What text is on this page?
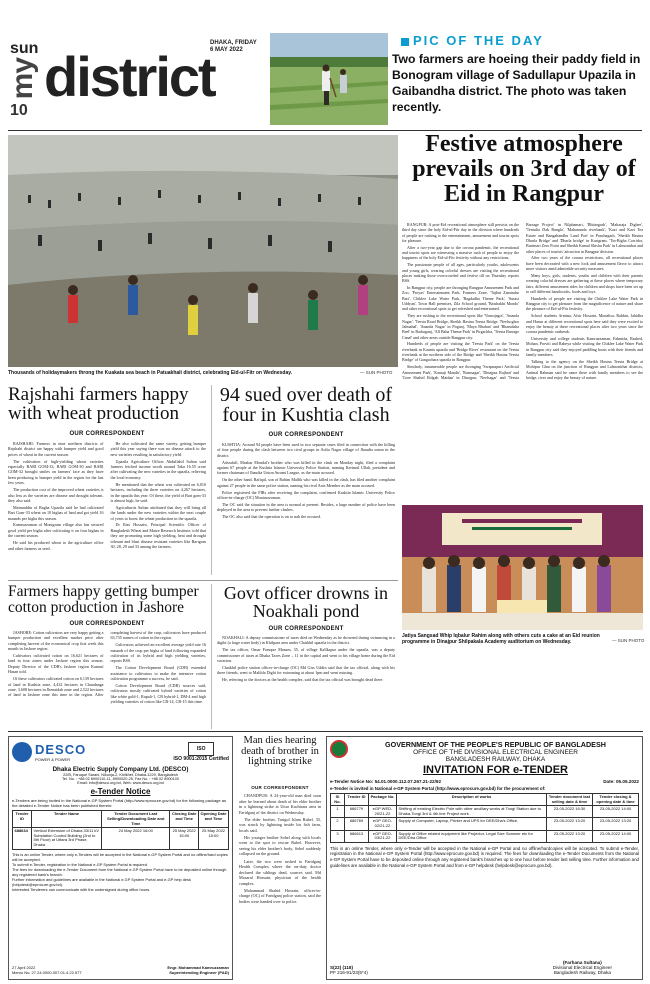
sun
my district
10
DHAKA, FRIDAY
6 MAY 2022
PIC OF THE DAY
Two farmers are hoeing their paddy field in Bonogram village of Sadullapur Upazila in Gaibandha district. The photo was taken recently.
Thousands of holidaymakers throng the Kuakata sea beach in Patuakhali district, celebrating Eid-ul-Fitr on Wednesday.	— SUN PHOTO
Festive atmosphere prevails on 3rd day of Eid in Rangpur

RANGPUR: A post-Eid recreational atmosphere still persists on the third day since the holy Eid-ul-Fitr day in the division where hundreds of people are rushing to the entertainment, amusement and tourist spots for pleasure.

After a two-year gap due to the corona pandemic, the recreational and tourist spots are witnessing a massive rush of people to enjoy the happiness of the holy Eid-ul-Fitr festivity without any restrictions.

The passionate people of all ages, particularly youths, adolescents and young girls, wearing colorful dresses are visiting the recreational places making those overcrowded and festive till on Thursday reports BSS.

In Rangpur city, people are thronging Rangpur Amusement Park and Zoo, 'Proyas' Entertainment Park, Farmers Zone, 'Tajhat Zamindar Bari', Chiklee Lake Water Park, 'Bagdadha Theme Park', 'Surasi Uddyan', Town Hall premises, Zila School ground, 'Baishakhi Mondo' and other recreational spots to get refreshed and entertained.

They are rushing to the recreational spots like 'Vinnojagot', 'Ananda Nagar', 'Teesta Road Bridge, Sheikh Hasina Teesta Bridge, 'Neelsoghor Jalmahal', 'Ananda Nagar' in Pirganj, 'Maya Bhaban' and 'Bharudaha Beel' in Badarganj, 'All Baba Theme Park' in Pirgachha, 'Teesta Barrage Canal' and other areas outside Rangpur city.

Hundreds of people are visiting the 'Teesta Park' on the Teesta riverbank in Kaunia upazila and 'Bridge River' restaurant on the Teesta riverbank at the northern side of the Bridge and 'Sheikh Hasina Teesta Bridge' of Gangachara upazila in Rangpur.

Similarly, innumerable people are thronging 'Swapnapuri Artificial Amusement Park', 'Kantaji Mandir', 'Ramsagar', 'Dinajpur Rajbari' and 'Gore Shahid Eidgah Maidan' in Dinajpur, 'Neelsagar' and 'Teesta Barrage Project' in Nilphamari, 'Bhitargarh', 'Maharaja Dighee', 'Tentulia Dak Bangla', 'Mahananda riverbank', 'Kazi and Kazi Tea Estate and Bangabandhu Land Port' in Panchagarh, 'Sheikh Hasina Dharla Bridge' and 'Dharla bridge' in Kurigram, 'Tin-Bigha Corridor, Burimari Zero Point and Sheikh Kamal Shishu Park' in Lalmonirhat and other places of tourists' attraction in Rangpur division.

After two years of the corona restrictions, all recreational places have been decorated with a new look and amusement flavor to attract more visitors amid admirable security measures.

Many boys, girls, students, youths and children with their parents wearing colorful dresses are gathering at these places where temporary fairs, different amusement rides for children and shops have been set up to sell different handicrafts, foods and toys.

Hundreds of people are visiting the Chiklee Lake Water Park in Rangpur city to get pleasure from the magnificence of nature and share the pleasure of Eid-ul-Fitr festivity.

School students Armina, Afsir Hossain, Monalisa, Rabbin, Jahidha and Harun at different recreational spots here said they were excited to enjoy the beauty at these recreational places after two years since the corona pandemic outbreak.

University and college students Kamruzzaman, Fahmida, Rashed, Mohan, Proviti and Rabeya while visiting the Chiklee Lake Water Park in Rangpur city said they enjoyed paddling boats with their friends and family members.

Talking to the agency on the Sheikh Hasina Teesta Bridge at Mohipur Ghat on the junction of Rangpur and Lalmonirhat districts, Animal Rahman said he came there with family members to see the bridge, river and enjoy the beauty of nature.

Jatiya Sangsad Whip Iqbalur Rahim along with others cuts a cake at an Eid reunion programme in Dinajpur Shilpakala Academy auditorium on Wednesday.	— SUN PHOTO
Rajshahi farmers happy with wheat production
OUR CORRESPONDENT

RAJSHAHI: Farmers in nine northern districts of Rajshahi district are happy with bumper yield and good prices of wheat in the current season.

The cultivation of high-yielding wheat varieties especially BARI GOM-33, BARI GOM-30 and BARI GOM-32 brought smiles on farmers' face as they have been producing to bumper yield in the region for the last few years.

The production cost of the improved wheat varieties is also less as the varieties are disease and drought tolerant, they also said.

Maimuddin of Bagha Upazila said he had cultivated Bari Gom-33 wheat on 10 bighas of land and got yield 16 maunds per bigha this season.

Kamruzzaman of Monigram village also has secured good yield per bigha after cultivating it on four bighas in the current season.

He said his produced wheat to the agriculture office and other farmers as seed.

He also cultivated the same variety, getting bumper yield this year saying there was no disease attack to the new varieties resulting in satisfactory yield.

Upazila Agriculture Officer Abdullahil Sultan said farmers fetched income worth around Taka 16.55 crore after cultivating the new varieties in the upazila, relieving the local economy.

He mentioned that the wheat was cultivated on 6,016 hectares, including the three varieties on 4,267 hectares, in the upazila this year. Of these, the yield of Bari gom-33 is almost high, he said.

Agriculturist Sultan attributed that they will bring all the lands under the new varieties within the next couple of years to boost the wheat production in the upazila.

Dr Ilias Hossain, Principal Scientific Officer of Bangladesh Wheat and Maize Research Institute, told that they are promoting some high yielding, heat and drought tolerant and blast disease resistant varieties like Barigom 30, 28, 29 and 33 among the farmers.

94 sued over death of four in Kushtia clash
OUR CORRESPONDENT

KUSHTIA: Around 94 people have been sued in two separate cases filed in connection with the killing of four people during the clash between two rival groups in Aulia Nagar village of Jhaudia union in the district.

Ashrafull, Mazhar Mondal's brother who was killed in the clash on Monday night, filed a complaint against 67 people at the Kushtia Islamic University Police Station, naming Kerimul Ullah, president and former chairman of Jhaudia Union Awami League, as the main accused.

On the other hand, Rafiqul, son of Rahim Mallik who was killed in the clash, has filed another complaint against 27 people in the same police station, naming his rival Anis Member as the main accused.

Police registered the FIRs after receiving the complaint, confirmed Kushtia Islamic University Police officer-in-charge (OC) Moniruzzaman.

The OC said the situation in the area is normal at present. Besides, a large number of police have been deployed in the area to prevent further clashes.

The OC also said that the operation is on to nab the accused.

Farmers happy getting bumper cotton production in Jashore
OUR CORRESPONDENT

JASHORE: Cotton cultivators are very happy getting a bumper production and excellent market price after completing harvest of the economical crop first week this month in Jashore region.

Cultivators cultivated cotton on 16,621 hectares of land in four zones under Jashore region this season, Deputy Director of the CDB's Jashore region Kamrul Hasan told.

Of these cultivators cultivated cotton on 6,139 hectares of land in Kushtia zone, 4,432 hectares in Chuadanga zone, 3,608 hectares in Jhenaidah zone and 2,522 hectares of land in Jashore zone this time in the region. After completing harvest of the crop, cultivators have produced 63,735 tonnes of cotton in the region.

Cultivators achieved an excellent average yield rate 16 maunds of the crop per bigha of land following expanded cultivation of its hybrid and high yielding varieties, reports BSS.

The Cotton Development Board (CDB) extended assistance to cultivators to make the intensive cotton cultivation programme a success, he said.

Cotton Development Board (CDB) sources said, cultivators mostly cultivated hybrid varieties of cotton like white gold-1, Rupali-1, CB hybrid-1, DM-4 and high yielding varieties of cotton like CB-14, CB-15 this time.

Govt officer drowns in Noakhali pond
OUR CORRESPONDENT

NOAKHALI: A deputy commissioner of taxes died on Wednesday as he drowned during swimming in a digihi (a large water body) in Khilpara area under Chatkhil upazila in the district.

The tax officer, Omar Faruque Masum, 35, of village Kallkapur under the upazila, was a deputy commissioner of taxes at Dhaka Taxes Zone – 11 in the capital and went to his village home during the Eid vacation.

Chatkhil police station officer-in-charge (OC) Md Giss Uddin said that the tax official, along with his three friends, went to Malihla Dighi for swimming at about 1pm and went missing.

He, referring to the doctors at the health complex, said that the tax official was brought dead there.

DESCO
POWER & POWER
ISO
ISO 9001:2015 Certified
Dhaka Electric Supply Company Ltd. (DESCO)
22/B, Faruque Sarani, Nikunja-2, Khilkhet, Dhaka-1229, Bangladesh
Tel. No. : +88 02 8900110-11, 8900020-25, Fax No. : +88 02 8900100
Email: info@desco.org.bd, Web: www.desco.org.bd
e-Tender Notice
e-Tenders are being invited in the National e-GP System Portal (http://www.eprocure.gov.bd) for the following package as the detailed e-Tender Notice has been published therein:
Tender ID	Tender Name	Tender Document Last Selling/Downloading Date and Time	Closing Date and Time	Opening Date and Time
688634	Vertical Extension of Dhaka 33/11 kV Substation Control Building (2nd to 5th Floor) at Uttara 3rd Phase, Dhaka	24 May 2022 16:00	25 May 2022 15:00	25 May 2022 15:00
This is an online Tender, where only e-Tenders will be accepted in the National e-GP System Portal and no offline/hard copies will be accepted.
To submit e-Tender, registration in the National e-GP System Portal is required.
The fees for downloading the e-Tender Document from the National e-GP System Portal have to be deposited online through any registered bank's branch.
Further information and guidelines are available in the National e-GP System Portal and e-GP help desk (helpdesk@eprocure.gov.bd).
Interested Tenderers can communicate with the undersigned during office hours.
27 April 2022
Memo No: 27.24.0000.007.01.4.22.577
Engr. Mohammad Kamruzzaman
Superintending Engineer (P&D)
Man dies hearing death of brother in lightning strike
OUR CORRESPONDENT

CHANDPUR: A 24-year-old man died soon after he learned about death of his elder brother in a lightning strike at Uttar Kachtrara area in Faridganj of the district on Wednesday.

The elder brother, Tarigul Islam Rubel, 35, was struck by lightning inside his fish farm, locals said.

His younger brother Sohel along with locals went to the spot to rescue Rubel. However, seeing his elder brother's body, Sohel suddenly collapsed on the ground.

Later, the two were rushed to Faridganj Health Complex where the on-duty doctor declared the siblings dead, sources said. Md Mosaraf Hossain, physician of the health complex.

Mohammad Shahid Hossain, officer-in-charge (OC) of Faridganj police station, said the bodies were handed over to police.

GOVERNMENT OF THE PEOPLE'S REPUBLIC OF BANGLADESH
OFFICE OF THE DIVISIONAL ELECTRICAL ENGINEER
BANGLADESH RAILWAY, DHAKA
INVITATION FOR e-TENDER
e-Tender Notice No: 54.01.0000.112.07.267.21-22/92	Date: 05.05.2022
e-Tender is invited in National e-GP System Portal (http://www.eprocure.gov.bd) for the procurement of:
Sl No.	Tender ID	Package No.	Description of works	Tender document last selling date & time	Tender closing & opening date & time
1	686779	eGP WED-20/21-22	Shifting of existing Electric Pole with other ancillary works at Tongi Station due to Dhaka-Tongi 3rd & 4th line Project work.	23-05-2022 16:30	23-05-2022 14:00
2	686769	eGP GEO-02/21-22	Supply of Computer, Laptop, Printer and UPS for DEE/Dha's Office.	23-05-2022 13:20	23-05-2022 13:20
3	686613	eGP GEO-03/21-22	Supply of Office related equipment like Projector, Legal Size Scanner etc for DEE/Dha Office	23-05-2022 13:20	23-05-2022 14:00
This is an online Tender, where only e-Tender will be accepted in the National e-GP Portal and no offline/hardcopies will be accepted. To submit e-Tender, registration in the National e-GP System Portal (http://www.eprocure.gov.bd) is required. The fees for downloading the e-Tender Documents from the National e-GP System Portal have to be deposited online through any registered bank's branches up to one hour before tender last selling time. Further information and guidelines are available in the National e-GP System Portal and from e-GP helpdesk (helpdesk@eprocure.gov.bd).
S(22) (118)
PF 216-91/23(5*4)
(Farhana Sultana)
Divisional Electrical Engineer
Bangladesh Railway, Dhaka
